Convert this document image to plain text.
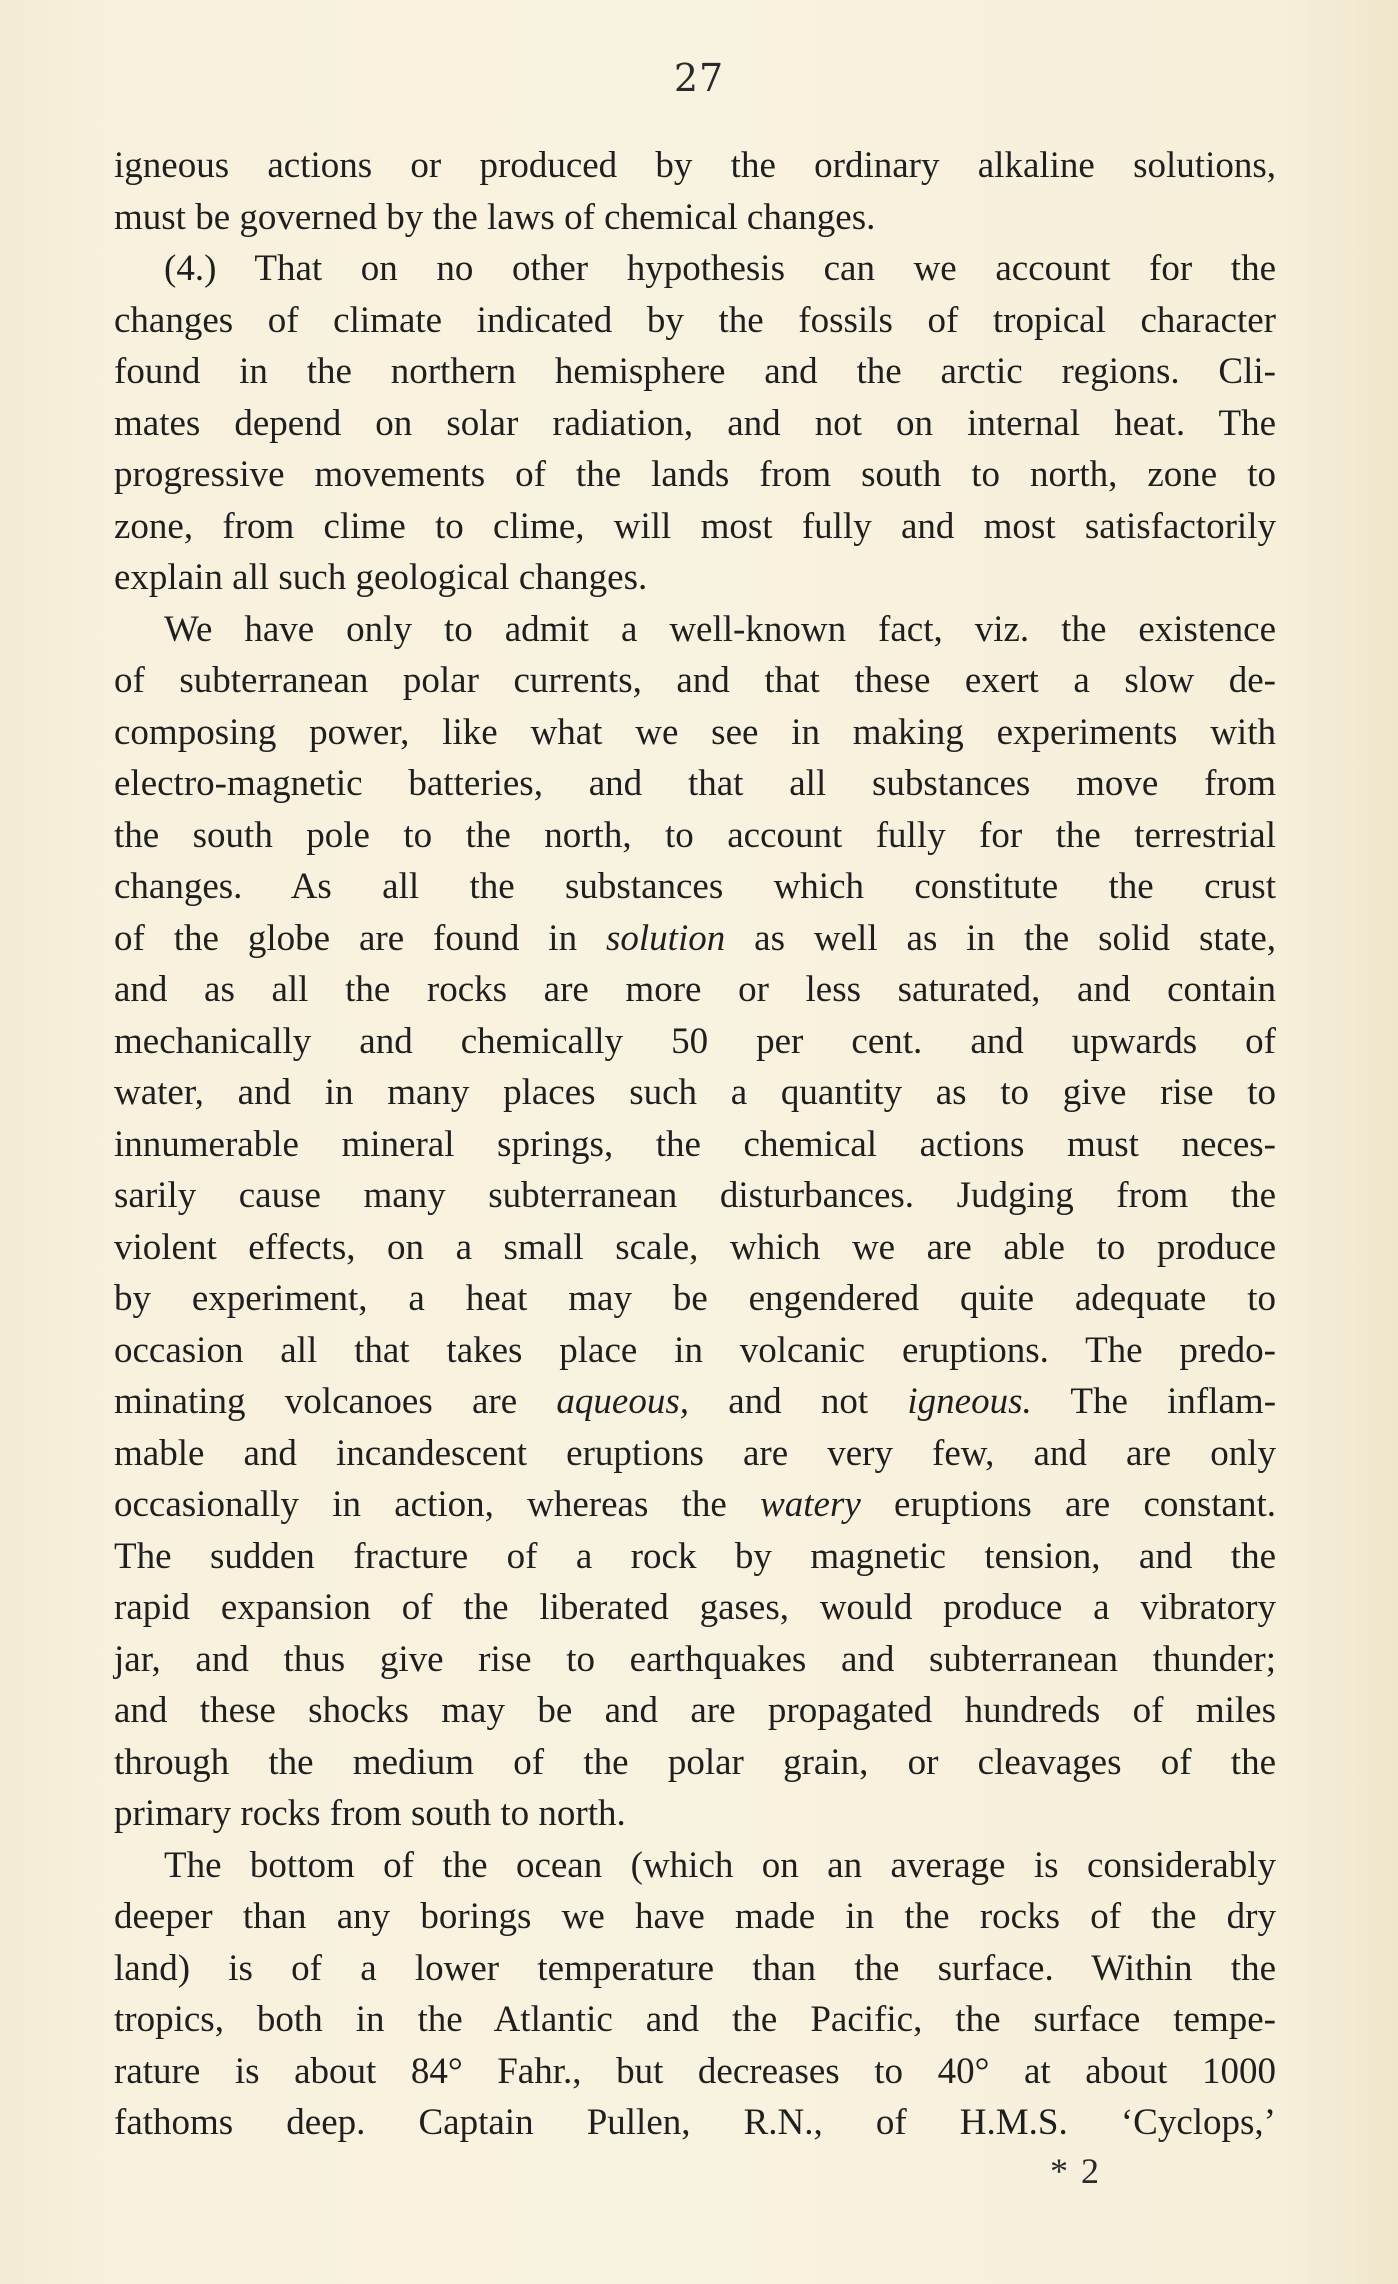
27
igneous actions or produced by the ordinary alkaline solutions,
must be governed by the laws of chemical changes.
(4.) That on no other hypothesis can we account for the
changes of climate indicated by the fossils of tropical character
found in the northern hemisphere and the arctic regions. Cli-
mates depend on solar radiation, and not on internal heat. The
progressive movements of the lands from south to north, zone to
zone, from clime to clime, will most fully and most satisfactorily
explain all such geological changes.
We have only to admit a well-known fact, viz. the existence
of subterranean polar currents, and that these exert a slow de-
composing power, like what we see in making experiments with
electro-magnetic batteries, and that all substances move from
the south pole to the north, to account fully for the terrestrial
changes. As all the substances which constitute the crust
of the globe are found in solution as well as in the solid state,
and as all the rocks are more or less saturated, and contain
mechanically and chemically 50 per cent. and upwards of
water, and in many places such a quantity as to give rise to
innumerable mineral springs, the chemical actions must neces-
sarily cause many subterranean disturbances. Judging from the
violent effects, on a small scale, which we are able to produce
by experiment, a heat may be engendered quite adequate to
occasion all that takes place in volcanic eruptions. The predo-
minating volcanoes are aqueous, and not igneous. The inflam-
mable and incandescent eruptions are very few, and are only
occasionally in action, whereas the watery eruptions are constant.
The sudden fracture of a rock by magnetic tension, and the
rapid expansion of the liberated gases, would produce a vibratory
jar, and thus give rise to earthquakes and subterranean thunder;
and these shocks may be and are propagated hundreds of miles
through the medium of the polar grain, or cleavages of the
primary rocks from south to north.
The bottom of the ocean (which on an average is considerably
deeper than any borings we have made in the rocks of the dry
land) is of a lower temperature than the surface. Within the
tropics, both in the Atlantic and the Pacific, the surface tempe-
rature is about 84° Fahr., but decreases to 40° at about 1000
fathoms deep. Captain Pullen, R.N., of H.M.S. ‘Cyclops,’
* 2
